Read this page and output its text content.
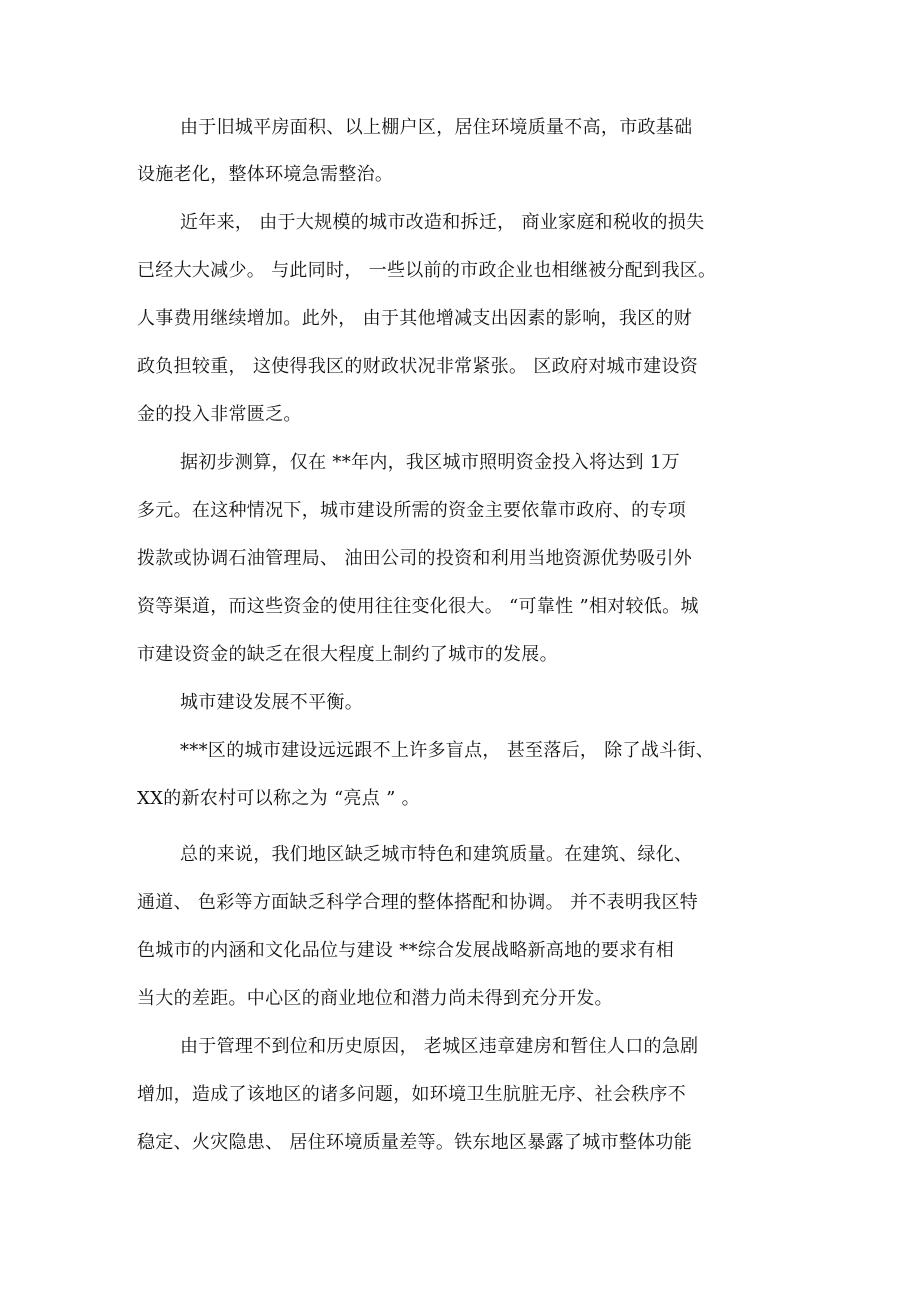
由于旧城平房面积、以上棚户区，居住环境质量不高，市政基础
设施老化，整体环境急需整治。
近年来， 由于大规模的城市改造和拆迁， 商业家庭和税收的损失
已经大大减少。 与此同时， 一些以前的市政企业也相继被分配到我区。
人事费用继续增加。此外， 由于其他增减支出因素的影响，我区的财
政负担较重， 这使得我区的财政状况非常紧张。 区政府对城市建设资
金的投入非常匮乏。
据初步测算，仅在 **年内，我区城市照明资金投入将达到 1万
多元。在这种情况下，城市建设所需的资金主要依靠市政府、的专项
拨款或协调石油管理局、 油田公司的投资和利用当地资源优势吸引外
资等渠道，而这些资金的使用往往变化很大。 “可靠性 ”相对较低。城
市建设资金的缺乏在很大程度上制约了城市的发展。
城市建设发展不平衡。
***区的城市建设远远跟不上许多盲点， 甚至落后， 除了战斗街、
XX的新农村可以称之为 “亮点 ” 。
总的来说，我们地区缺乏城市特色和建筑质量。在建筑、绿化、
通道、 色彩等方面缺乏科学合理的整体搭配和协调。 并不表明我区特
色城市的内涵和文化品位与建设 **综合发展战略新高地的要求有相
当大的差距。中心区的商业地位和潜力尚未得到充分开发。
由于管理不到位和历史原因， 老城区违章建房和暂住人口的急剧
增加，造成了该地区的诸多问题，如环境卫生肮脏无序、社会秩序不
稳定、火灾隐患、 居住环境质量差等。铁东地区暴露了城市整体功能
